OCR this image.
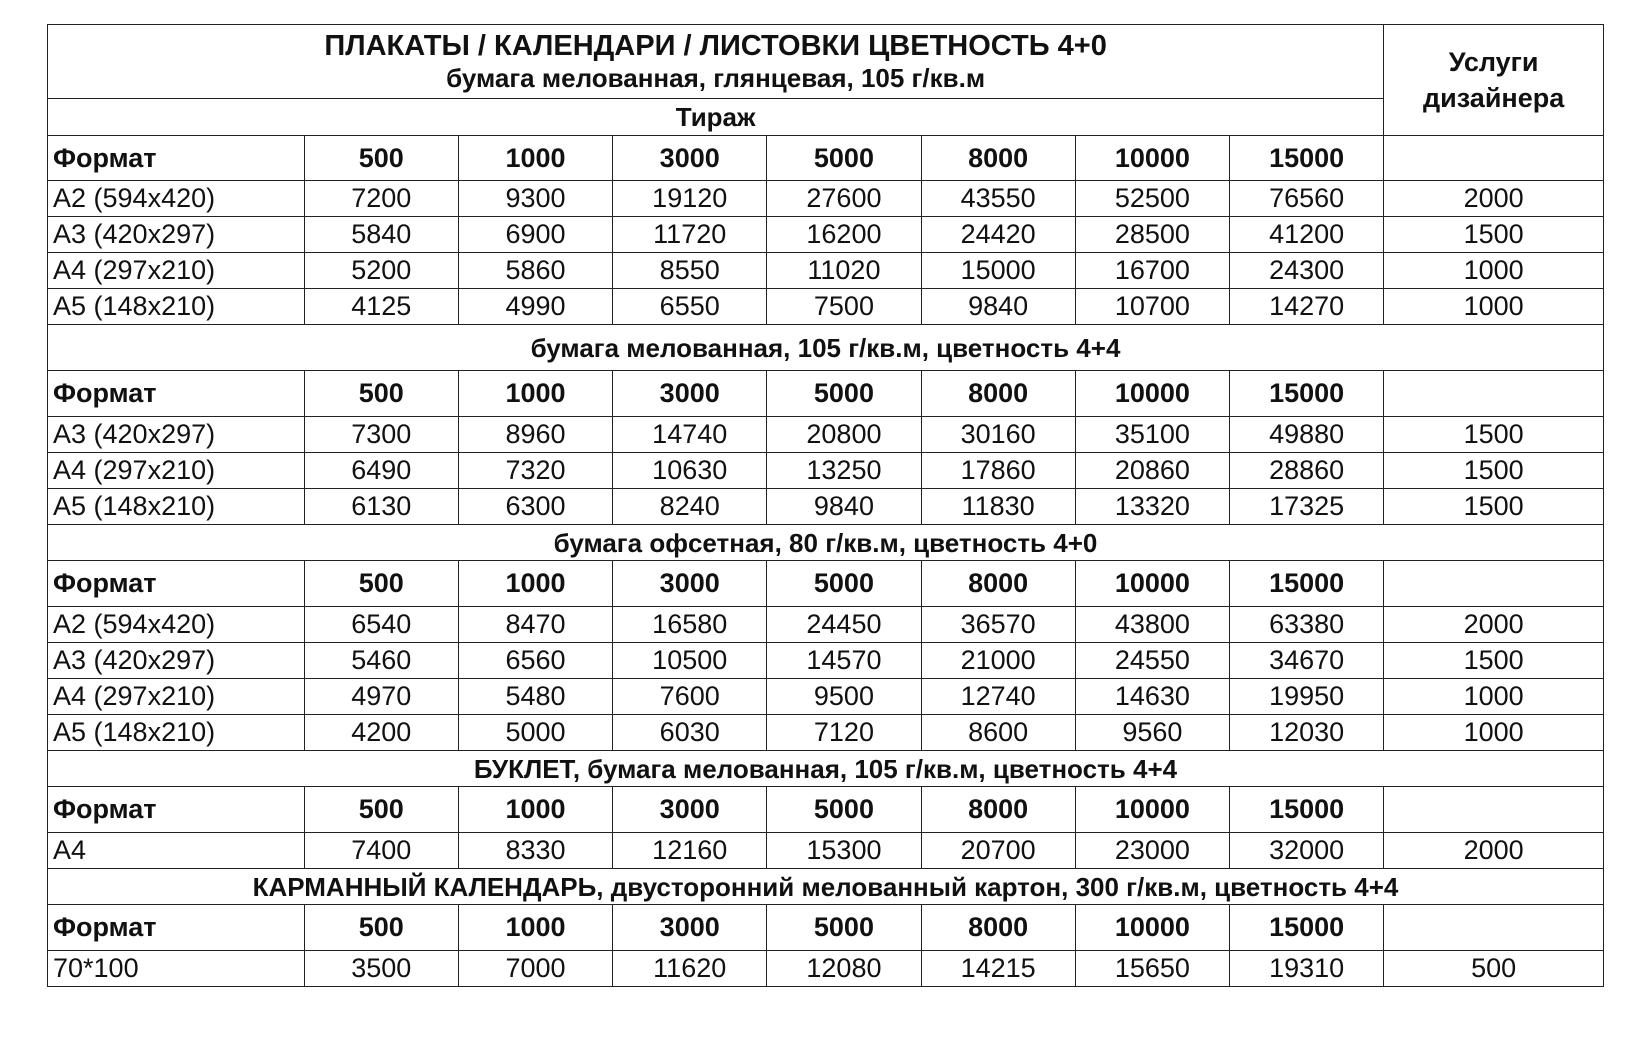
ПЛАКАТЫ / КАЛЕНДАРИ / ЛИСТОВКИ ЦВЕТНОСТЬ 4+0
бумага мелованная, глянцевая, 105 г/кв.м								Услуги дизайнера
Тираж								
Формат	500	1000	3000	5000	8000	10000	15000	
А2 (594x420)	7200	9300	19120	27600	43550	52500	76560	2000
А3 (420x297)	5840	6900	11720	16200	24420	28500	41200	1500
А4 (297x210)	5200	5860	8550	11020	15000	16700	24300	1000
А5 (148x210)	4125	4990	6550	7500	9840	10700	14270	1000
бумага мелованная, 105 г/кв.м, цветность 4+4								
Формат	500	1000	3000	5000	8000	10000	15000	
А3 (420x297)	7300	8960	14740	20800	30160	35100	49880	1500
А4 (297x210)	6490	7320	10630	13250	17860	20860	28860	1500
А5 (148x210)	6130	6300	8240	9840	11830	13320	17325	1500
бумага офсетная, 80 г/кв.м, цветность 4+0								
Формат	500	1000	3000	5000	8000	10000	15000	
А2 (594x420)	6540	8470	16580	24450	36570	43800	63380	2000
А3 (420x297)	5460	6560	10500	14570	21000	24550	34670	1500
А4 (297x210)	4970	5480	7600	9500	12740	14630	19950	1000
А5 (148x210)	4200	5000	6030	7120	8600	9560	12030	1000
БУКЛЕТ, бумага мелованная, 105 г/кв.м, цветность 4+4								
Формат	500	1000	3000	5000	8000	10000	15000	
А4	7400	8330	12160	15300	20700	23000	32000	2000
КАРМАННЫЙ КАЛЕНДАРЬ, двусторонний мелованный картон, 300 г/кв.м, цветность 4+4								
Формат	500	1000	3000	5000	8000	10000	15000	
70*100	3500	7000	11620	12080	14215	15650	19310	500
